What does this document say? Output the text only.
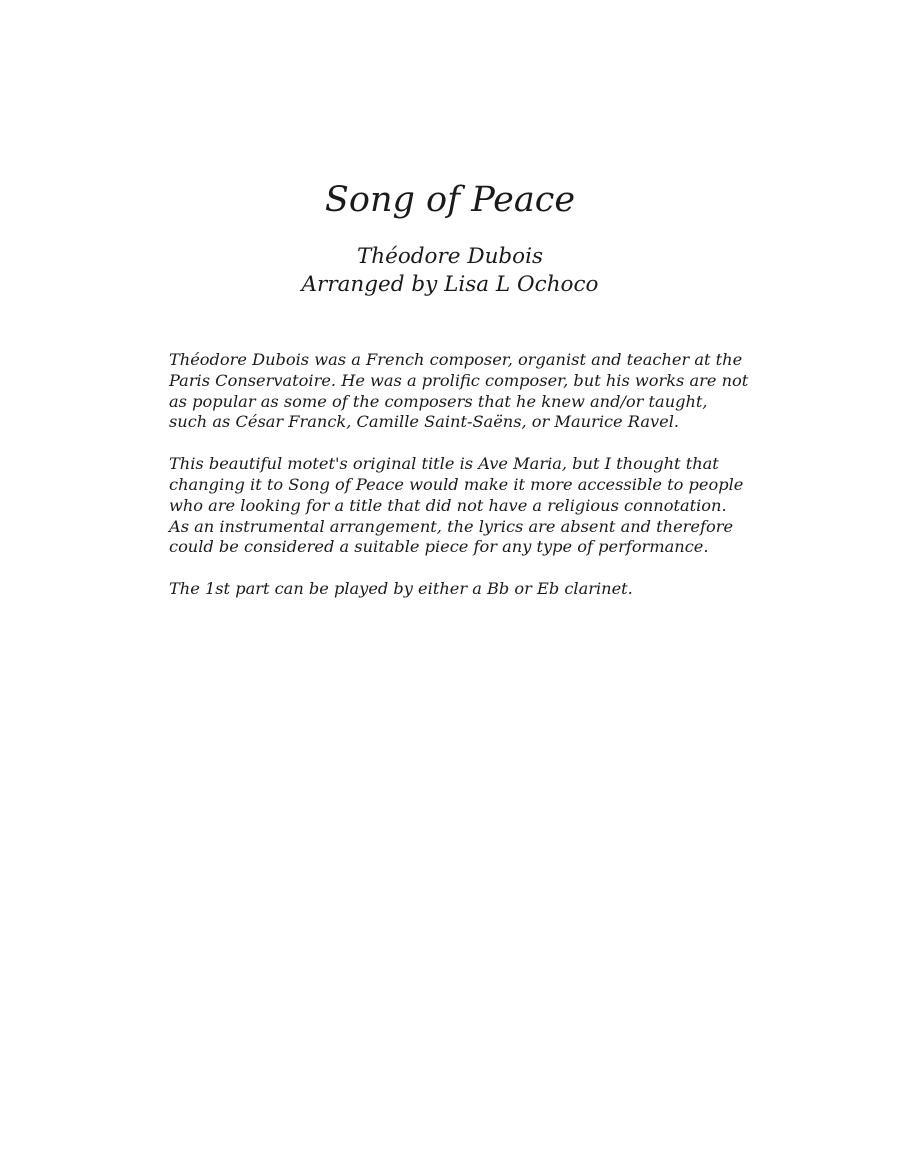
Song of Peace
Théodore Dubois
Arranged by Lisa L Ochoco

Théodore Dubois was a French composer, organist and teacher at the Paris Conservatoire. He was a prolific composer, but his works are not as popular as some of the composers that he knew and/or taught, such as César Franck, Camille Saint-Saëns, or Maurice Ravel.

This beautiful motet's original title is Ave Maria, but I thought that changing it to Song of Peace would make it more accessible to people who are looking for a title that did not have a religious connotation. As an instrumental arrangement, the lyrics are absent and therefore could be considered a suitable piece for any type of performance.

The 1st part can be played by either a Bb or Eb clarinet.
